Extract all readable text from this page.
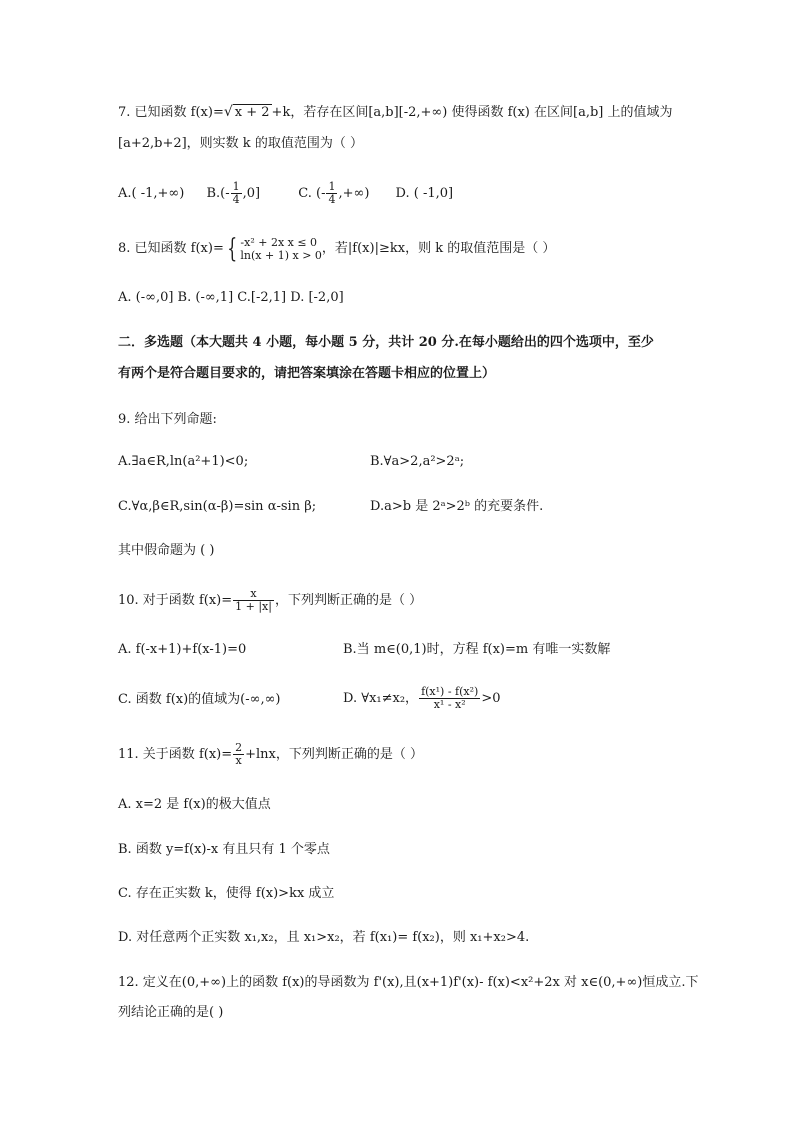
7. 已知函数 f(x)=√ x + 2 +k，若存在区间[a,b][-2,+∞) 使得函数 f(x) 在区间[a,b] 上的值域为
[a+2,b+2]，则实数 k 的取值范围为（ ）
A.( -1,+∞) $B.(- \frac{1}{4} ,0]$	C. (- $\frac{1}{4}$ ,+∞) D. ( -1,0]
8. 已知函数 f(x)= { -x² + 2x x ≤ 0
ln(x + 1) x > 0 ，若|f(x)|≥kx，则 k 的取值范围是（ ）
A. (-∞,0] B. (-∞,1] C.[-2,1] D. [-2,0]
二．多选题（本大题共 4 小题，每小题 5 分，共计 20 分.在每小题给出的四个选项中，至少
有两个是符合题目要求的，请把答案填涂在答题卡相应的位置上）
9. 给出下列命题:
A.∃a∈R,ln(a²+1)<0;	B.∀a>2,a²>2ᵃ;
C.∀α,β∈R,sin(α-β)=sin α-sin β;	D.a>b 是 2ᵃ>2ᵇ 的充要条件.
其中假命题为 ( )
10. 对于函数 $f(x)= \frac{x}{1 + |x|}$ ，下列判断正确的是（ ）
A. f(-x+1)+f(x-1)=0	B.当 m∈(0,1)时，方程 f(x)=m 有唯一实数解
C. 函数 f(x)的值域为(-∞,∞)	D. ∀x₁≠x₂， $\frac{\text{f(x¹) - f(x²)}}{\text{x¹ - x²}} >0$
11. 关于函数 $f(x)= \frac{2}{x} +\ln x$，下列判断正确的是（ ）
A. x=2 是 f(x)的极大值点
B. 函数 y=f(x)-x 有且只有 1 个零点
C. 存在正实数 k，使得 f(x)>kx 成立
D. 对任意两个正实数 x₁,x₂，且 x₁>x₂，若 f(x₁)= f(x₂)，则 x₁+x₂>4.
12. 定义在(0,+∞)上的函数 f(x)的导函数为 f'(x),且(x+1)f'(x)- f(x)<x²+2x 对 x∈(0,+∞)恒成立.下
列结论正确的是( )
